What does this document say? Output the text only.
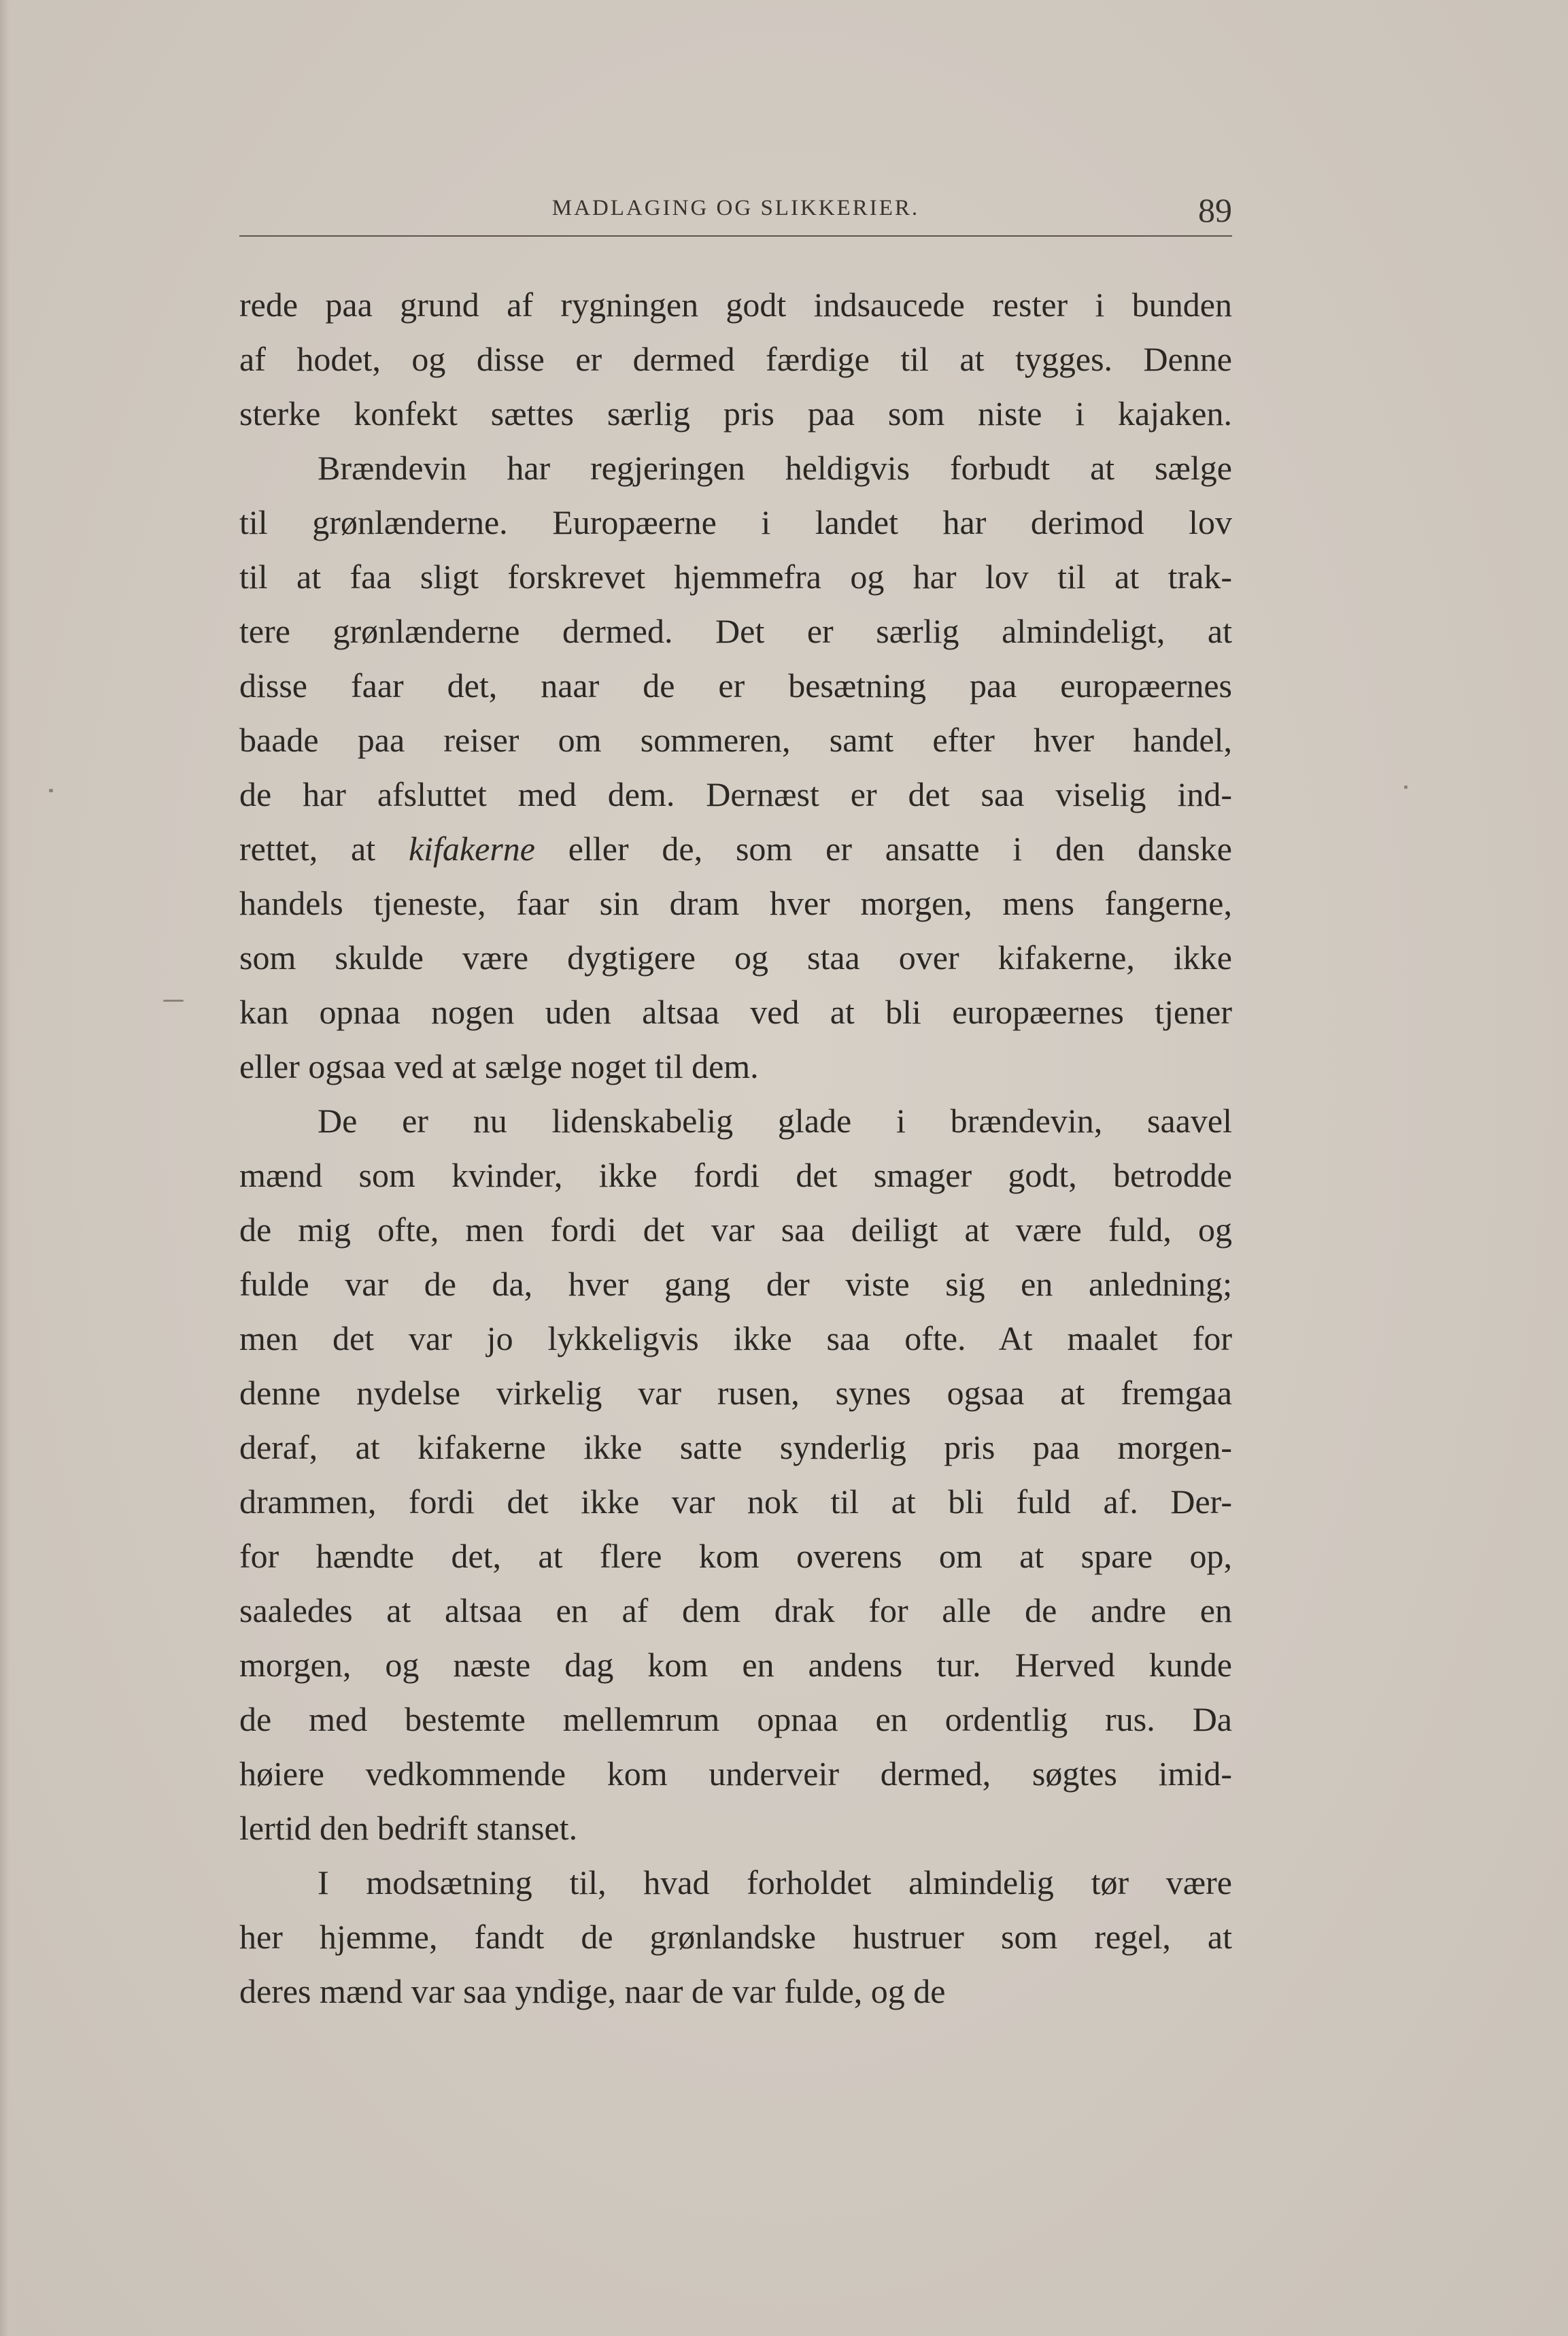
MADLAGING OG SLIKKERIER.	89
rede paa grund af rygningen godt indsaucede rester i bunden
af hodet, og disse er dermed færdige til at tygges. Denne
sterke konfekt sættes særlig pris paa som niste i kajaken.
Brændevin har regjeringen heldigvis forbudt at sælge
til grønlænderne. Europæerne i landet har derimod lov
til at faa sligt forskrevet hjemmefra og har lov til at trak-
tere grønlænderne dermed. Det er særlig almindeligt, at
disse faar det, naar de er besætning paa europæernes
baade paa reiser om sommeren, samt efter hver handel,
de har afsluttet med dem. Dernæst er det saa viselig ind-
rettet, at kifakerne eller de, som er ansatte i den danske
handels tjeneste, faar sin dram hver morgen, mens fangerne,
som skulde være dygtigere og staa over kifakerne, ikke
kan opnaa nogen uden altsaa ved at bli europæernes tjener
eller ogsaa ved at sælge noget til dem.
De er nu lidenskabelig glade i brændevin, saavel
mænd som kvinder, ikke fordi det smager godt, betrodde
de mig ofte, men fordi det var saa deiligt at være fuld, og
fulde var de da, hver gang der viste sig en anledning;
men det var jo lykkeligvis ikke saa ofte. At maalet for
denne nydelse virkelig var rusen, synes ogsaa at fremgaa
deraf, at kifakerne ikke satte synderlig pris paa morgen-
drammen, fordi det ikke var nok til at bli fuld af. Der-
for hændte det, at flere kom overens om at spare op,
saaledes at altsaa en af dem drak for alle de andre en
morgen, og næste dag kom en andens tur. Herved kunde
de med bestemte mellemrum opnaa en ordentlig rus. Da
høiere vedkommende kom underveir dermed, søgtes imid-
lertid den bedrift stanset.
I modsætning til, hvad forholdet almindelig tør være
her hjemme, fandt de grønlandske hustruer som regel, at
deres mænd var saa yndige, naar de var fulde, og de
